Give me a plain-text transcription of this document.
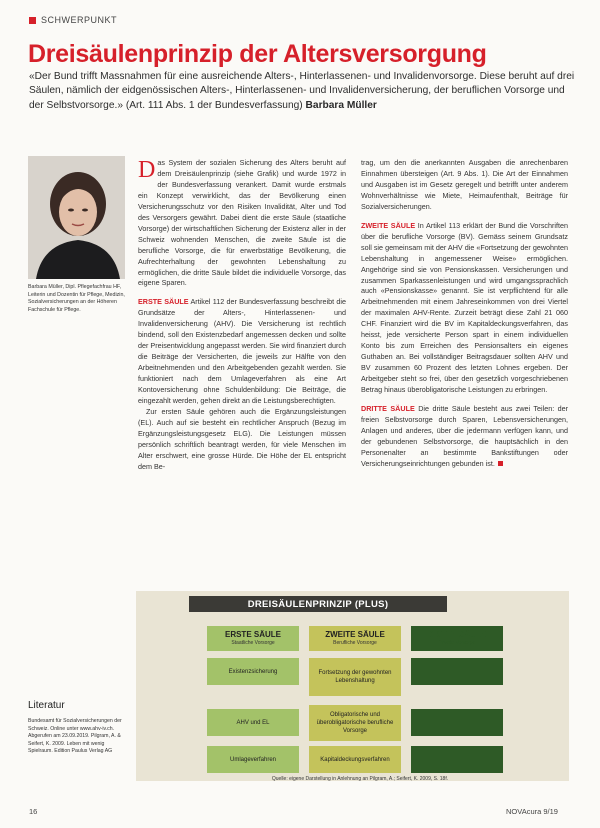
SCHWERPUNKT
Dreisäulenprinzip der Altersversorgung
«Der Bund trifft Massnahmen für eine ausreichende Alters-, Hinterlassenen- und Invalidenvorsorge. Diese beruht auf drei Säulen, nämlich der eidgenössischen Alters-, Hinterlassenen- und Invalidenversicherung, der beruflichen Vorsorge und der Selbstvorsorge.» (Art. 111 Abs. 1 der Bundesverfassung) Barbara Müller
Barbara Müller, Dipl. Pflegefachfrau HF, Leiterin und Dozentin für Pflege, Medizin, Sozialversicherungen an der Höheren Fachschule für Pflege.

Das System der sozialen Sicherung des Alters beruht auf dem Dreisäulenprinzip (siehe Grafik) und wurde 1972 in der Bundesverfassung verankert. Damit wurde erstmals ein Konzept verwirklicht, das der Bevölkerung einen Versicherungsschutz vor den Risiken Invalidität, Alter und Tod des Versorgers gewährt. Dabei dient die erste Säule (staatliche Vorsorge) der wirtschaftlichen Sicherung der Existenz aller in der Schweiz wohnenden Menschen, die zweite Säule ist die berufliche Vorsorge, die für erwerbstätige Bevölkerung, die Aufrechterhaltung der gewohnten Lebenshaltung zu ermöglichen, die dritte Säule bildet die individuelle Vorsorge, das eigene Sparen.

ERSTE SÄULE Artikel 112 der Bundesverfassung beschreibt die Grundsätze der Alters-, Hinterlassenen- und Invalidenversicherung (AHV). Die Versicherung ist rechtlich bindend, soll den Existenzbedarf angemessen decken und sollte der Preisentwicklung angepasst werden. Sie wird finanziert durch die Beiträge der Versicherten, die jeweils zur Hälfte von den Arbeitnehmenden und den Arbeitgebenden gezahlt werden. Sie funktioniert nach dem Umlageverfahren als eine Art Kontoversicherung ohne Schuldenbildung: Die Beiträge, die eingezahlt werden, gehen direkt an die Leistungsberechtigten.

Zur ersten Säule gehören auch die Ergänzungsleistungen (EL). Auch auf sie besteht ein rechtlicher Anspruch (Bezug im Ergänzungsleistungsgesetz ELG). Die Leistungen müssen persönlich schriftlich beantragt werden, für viele Menschen im Alter erschwert, eine grosse Hürde. Die Höhe der EL entspricht dem Be-

trag, um den die anerkannten Ausgaben die anrechenbaren Einnahmen übersteigen (Art. 9 Abs. 1). Die Art der Einnahmen und Ausgaben ist im Gesetz geregelt und betrifft unter anderem Wohnverhältnisse wie Miete, Heimaufenthalt, Beiträge für Sozialversicherungen.

ZWEITE SÄULE In Artikel 113 erklärt der Bund die Vorschriften über die berufliche Vorsorge (BV). Gemäss seinem Grundsatz soll sie gemeinsam mit der AHV die «Fortsetzung der gewohnten Lebenshaltung in angemessener Weise» ermöglichen. Angehörige sind sie von Pensionskassen. Versicherungen und zusammen Sparkassenleistungen und wird umgangssprachlich auch «Pensionskasse» genannt. Sie ist verpflichtend für alle Arbeitnehmenden mit einem Jahreseinkommen von drei Viertel der maximalen AHV-Rente. Zurzeit beträgt diese Zahl 21 060 CHF. Finanziert wird die BV im Kapitaldeckungsverfahren, das heisst, jede versicherte Person spart in einem individuellen Konto bis zum Erreichen des Pensionsalters ein eigenes Guthaben an. Bei vollständiger Beitragsdauer sollten AHV und BV zusammen 60 Prozent des letzten Lohnes ergeben. Der Arbeitgeber steht so frei, über den gesetzlich vorgeschriebenen Betrag hinaus überobligatorische Leistungen zu erbringen.

DRITTE SÄULE Die dritte Säule besteht aus zwei Teilen: der freien Selbstvorsorge durch Sparen, Lebensversicherungen, Anlagen und anderes, über die jedermann verfügen kann, und der gebundenen Selbstvorsorge, die hauptsächlich in den Personenalter an bestimmte Bankstiftungen oder Versicherungseinrichtungen gebunden ist.

DREISÄULENPRINZIP (PLUS)
ERSTE SÄULE
Staatliche Vorsorge
ZWEITE SÄULE
Berufliche Vorsorge
DRITTE SÄULE
Private Vorsorge
Existenzsicherung	Fortsetzung der gewohnten Lebenshaltung
AHV und EL
Obligatorische und überobligatorische berufliche Vorsorge
Umlageverfahren	Kapitaldeckungsverfahren
Quelle: eigene Darstellung in Anlehnung an Pilgram, A.; Seifert, K. 2009, S. 18f.
Literatur
Bundesamt für Sozialversicherungen der Schweiz. Online unter www.ahv-iv.ch. Abgerufen am 23.09.2019. Pilgram, A. & Seifert, K. 2009. Leben mit wenig Spielraum. Edition Paulus Verlag AG
16	NOVAcura 9/19
